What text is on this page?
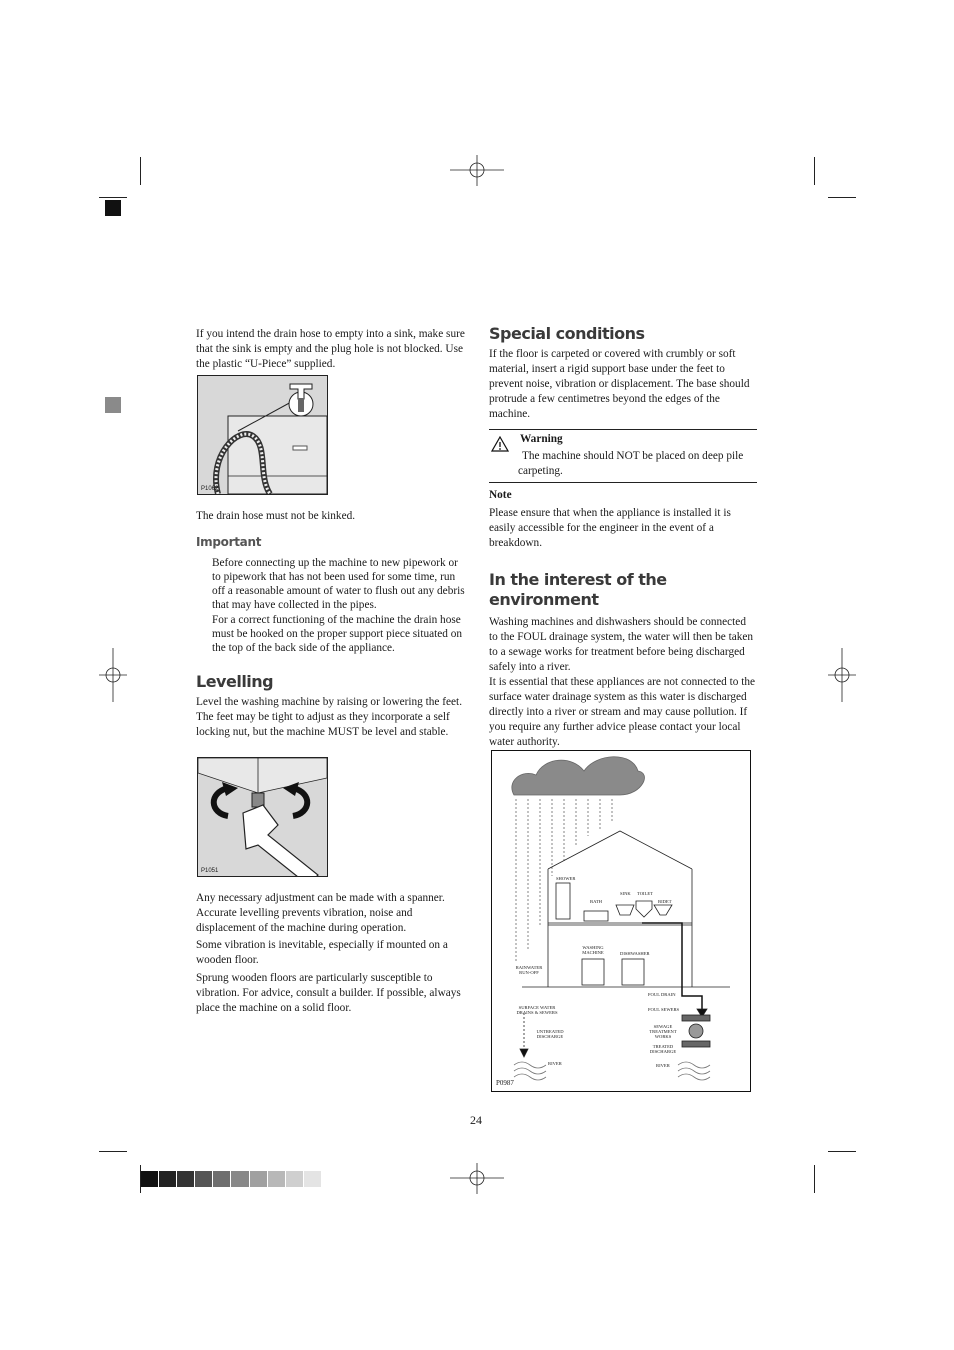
If you intend the drain hose to empty into a sink, make sure that the sink is empty and the plug hole is not blocked. Use the plastic “U-Piece” supplied.

P1062

The drain hose must not be kinked.

Important

Before connecting up the machine to new pipework or to pipework that has not been used for some time, run off a reasonable amount of water to flush out any debris that may have collected in the pipes.

For a correct functioning of the machine the drain hose must be hooked on the proper support piece situated on the top of the back side of the appliance.

Levelling

Level the washing machine by raising or lowering the feet. The feet may be tight to adjust as they incorporate a self locking nut, but the machine MUST be level and stable.

P1051

Any necessary adjustment can be made with a spanner. Accurate levelling prevents vibration, noise and displacement of the machine during operation.

Some vibration is inevitable, especially if mounted on a wooden floor.

Sprung wooden floors are particularly susceptible to vibration. For advice, consult a builder. If possible, always place the machine on a solid floor.

Special conditions

If the floor is carpeted or covered with crumbly or soft material, insert a rigid support base under the feet to prevent noise, vibration or displacement. The base should protrude a few centimetres beyond the edges of the machine.

Warning

The machine should NOT be placed on deep pile carpeting.

Note

Please ensure that when the appliance is installed it is easily accessible for the engineer in the event of a breakdown.

In the interest of the environment

Washing machines and dishwashers should be connected to the FOUL drainage system, the water will then be taken to a sewage works for treatment before being discharged safely into a river.

It is essential that these appliances are not connected to the surface water drainage system as this water is discharged directly into a river or stream and may cause pollution. If you require any further advice please contact your local water authority.

SHOWER
BATH
SINK TOILET
BIDET
WASHING MACHINE	DISHWASHER
RAINWATER RUN-OFF
FOUL DRAIN
SURFACE WATER DRAINS & SEWERS
FOUL SEWERS
UNTREATED DISCHARGE
SEWAGE TREATMENT WORKS
TREATED DISCHARGE
RIVER	RIVER
P0987
24
